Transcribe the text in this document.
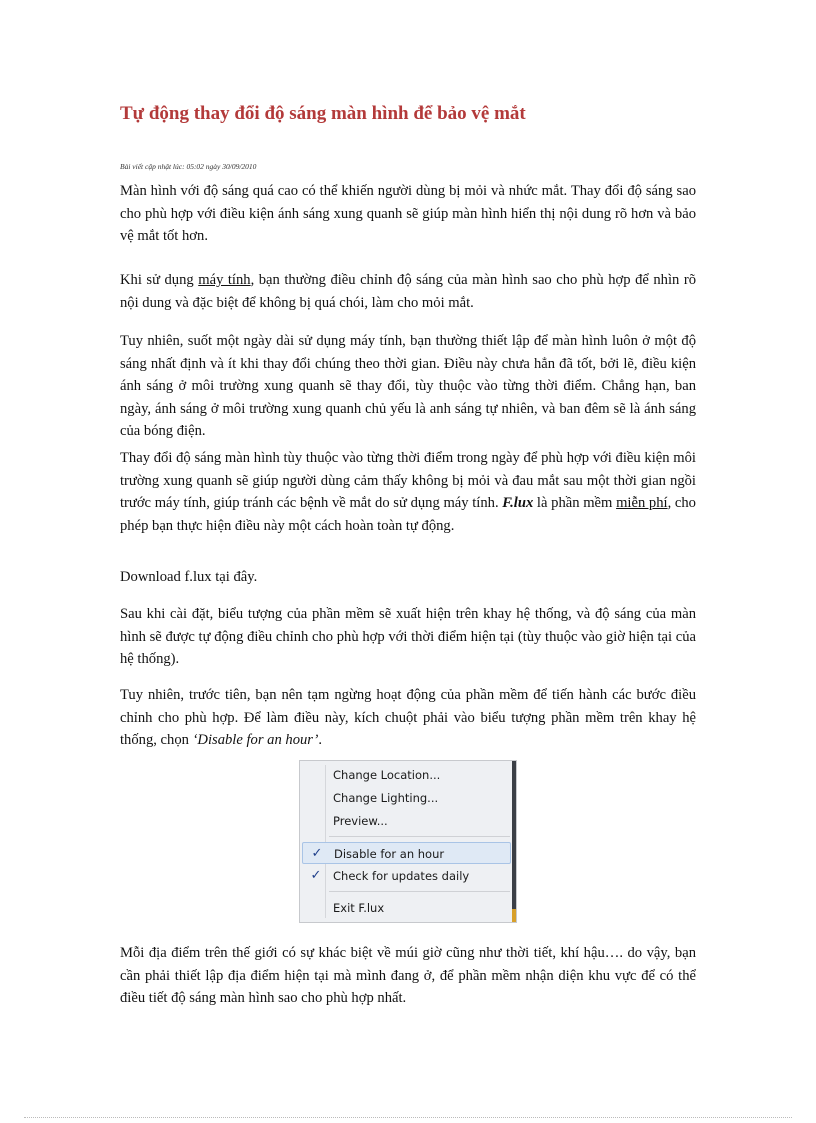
Tự động thay đổi độ sáng màn hình để bảo vệ mắt
Bài viết cập nhật lúc: 05:02 ngày 30/09/2010

Màn hình với độ sáng quá cao có thể khiến người dùng bị mỏi và nhức mắt. Thay đổi độ sáng sao cho phù hợp với điều kiện ánh sáng xung quanh sẽ giúp màn hình hiển thị nội dung rõ hơn và bảo vệ mắt tốt hơn.

Khi sử dụng máy tính, bạn thường điều chỉnh độ sáng của màn hình sao cho phù hợp để nhìn rõ nội dung và đặc biệt để không bị quá chói, làm cho mỏi mắt.

Tuy nhiên, suốt một ngày dài sử dụng máy tính, bạn thường thiết lập để màn hình luôn ở một độ sáng nhất định và ít khi thay đổi chúng theo thời gian. Điều này chưa hẳn đã tốt, bởi lẽ, điều kiện ánh sáng ở môi trường xung quanh sẽ thay đổi, tùy thuộc vào từng thời điểm. Chẳng hạn, ban ngày, ánh sáng ở môi trường xung quanh chủ yếu là anh sáng tự nhiên, và ban đêm sẽ là ánh sáng của bóng điện.

Thay đổi độ sáng màn hình tùy thuộc vào từng thời điểm trong ngày để phù hợp với điều kiện môi trường xung quanh sẽ giúp người dùng cảm thấy không bị mỏi và đau mắt sau một thời gian ngồi trước máy tính, giúp tránh các bệnh về mắt do sử dụng máy tính. F.lux là phần mềm miễn phí, cho phép bạn thực hiện điều này một cách hoàn toàn tự động.

Download f.lux tại đây.

Sau khi cài đặt, biểu tượng của phần mềm sẽ xuất hiện trên khay hệ thống, và độ sáng của màn hình sẽ được tự động điều chỉnh cho phù hợp với thời điểm hiện tại (tùy thuộc vào giờ hiện tại của hệ thống).

Tuy nhiên, trước tiên, bạn nên tạm ngừng hoạt động của phần mềm để tiến hành các bước điều chỉnh cho phù hợp. Để làm điều này, kích chuột phải vào biểu tượng phần mềm trên khay hệ thống, chọn ‘Disable for an hour’.

Change Location...
Change Lighting...
Preview...
✓ Disable for an hour
✓ Check for updates daily
Exit F.lux

Mỗi địa điểm trên thế giới có sự khác biệt về múi giờ cũng như thời tiết, khí hậu…. do vậy, bạn cần phải thiết lập địa điểm hiện tại mà mình đang ở, để phần mềm nhận diện khu vực để có thể điều tiết độ sáng màn hình sao cho phù hợp nhất.
